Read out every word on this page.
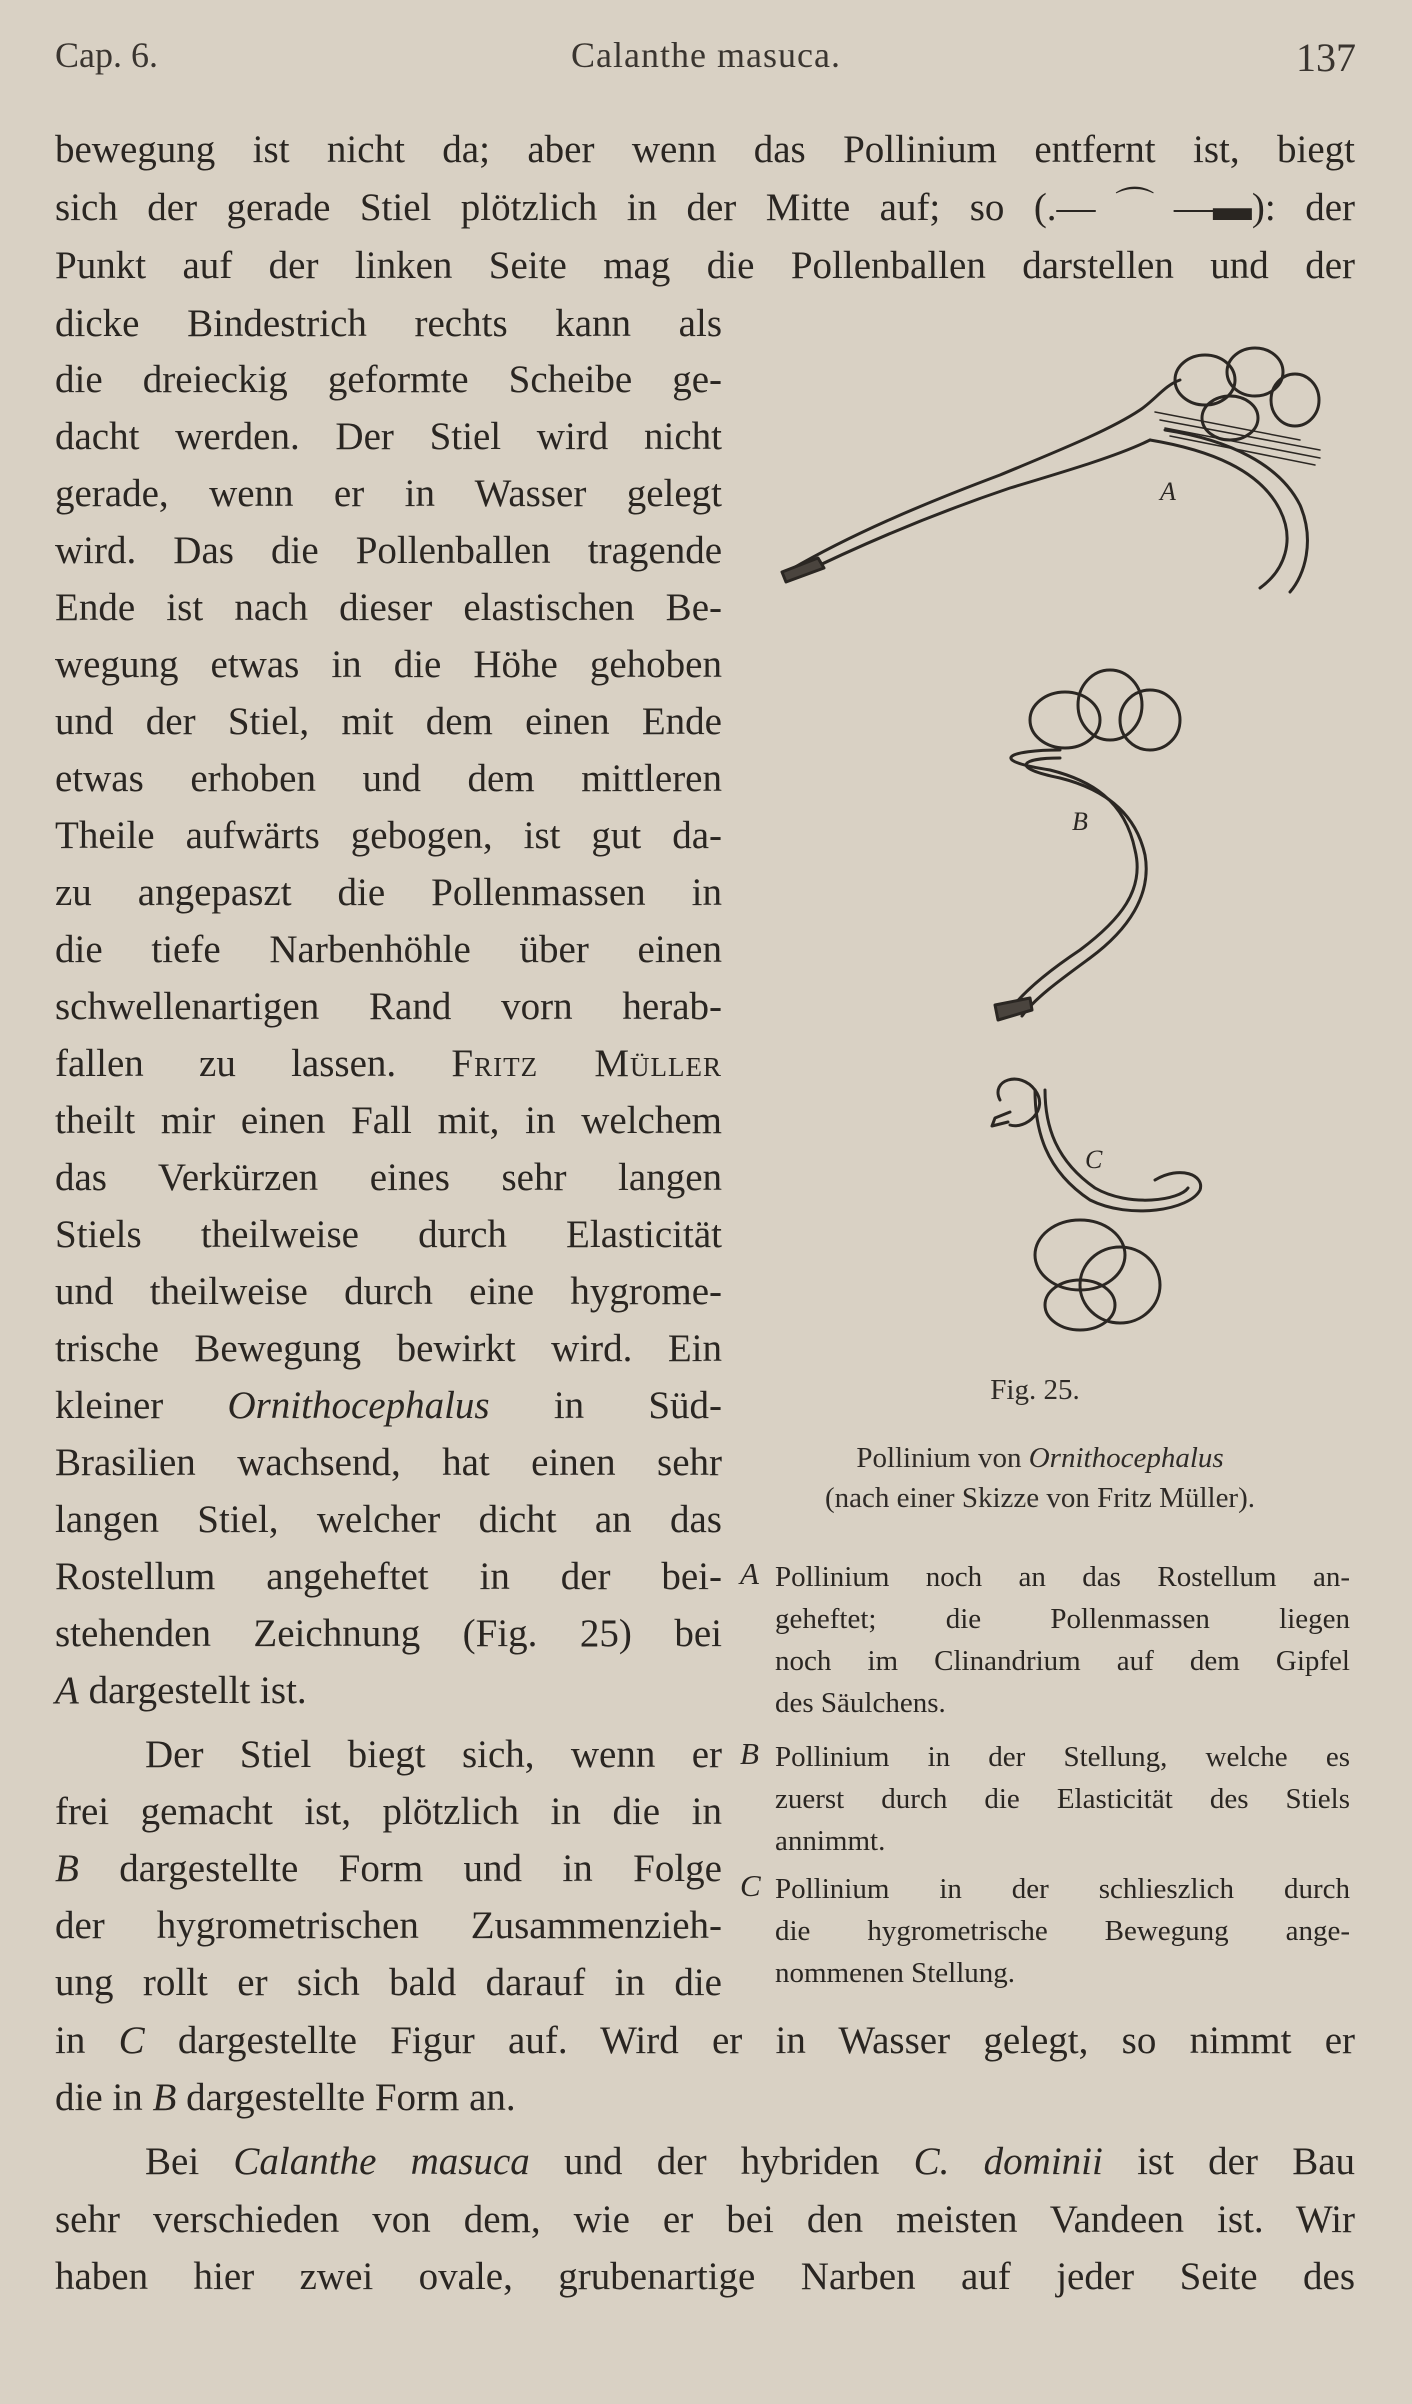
Cap. 6.	Calanthe masuca.	137
bewegung ist nicht da; aber wenn das Pollinium entfernt ist, biegt
sich der gerade Stiel plötzlich in der Mitte auf; so (.—⌒—▬): der
Punkt auf der linken Seite mag die Pollenballen darstellen und der
dicke Bindestrich rechts kann als
die dreieckig geformte Scheibe ge-
dacht werden. Der Stiel wird nicht
gerade, wenn er in Wasser gelegt
wird. Das die Pollenballen tragende
Ende ist nach dieser elastischen Be-
wegung etwas in die Höhe gehoben
und der Stiel, mit dem einen Ende
etwas erhoben und dem mittleren
Theile aufwärts gebogen, ist gut da-
zu angepaszt die Pollenmassen in
die tiefe Narbenhöhle über einen
schwellenartigen Rand vorn herab-
fallen zu lassen. Fritz Müller
theilt mir einen Fall mit, in welchem
das Verkürzen eines sehr langen
Stiels theilweise durch Elasticität
und theilweise durch eine hygrome-
trische Bewegung bewirkt wird. Ein
kleiner Ornithocephalus in Süd-
Brasilien wachsend, hat einen sehr
langen Stiel, welcher dicht an das
Rostellum angeheftet in der bei-
stehenden Zeichnung (Fig. 25) bei
A dargestellt ist.
Der Stiel biegt sich, wenn er
frei gemacht ist, plötzlich in die in
B dargestellte Form und in Folge
der hygrometrischen Zusammenzieh-
ung rollt er sich bald darauf in die
in C dargestellte Figur auf. Wird er in Wasser gelegt, so nimmt er
die in B dargestellte Form an.
Bei Calanthe masuca und der hybriden C. dominii ist der Bau
sehr verschieden von dem, wie er bei den meisten Vandeen ist. Wir
haben hier zwei ovale, grubenartige Narben auf jeder Seite des
A
B
C
Fig. 25.
Pollinium von Ornithocephalus
(nach einer Skizze von Fritz Müller).
A Pollinium noch an das Rostellum an-
geheftet; die Pollenmassen liegen
noch im Clinandrium auf dem Gipfel
des Säulchens.
B Pollinium in der Stellung, welche es
zuerst durch die Elasticität des Stiels
annimmt.
C Pollinium in der schlieszlich durch
die hygrometrische Bewegung ange-
nommenen Stellung.
